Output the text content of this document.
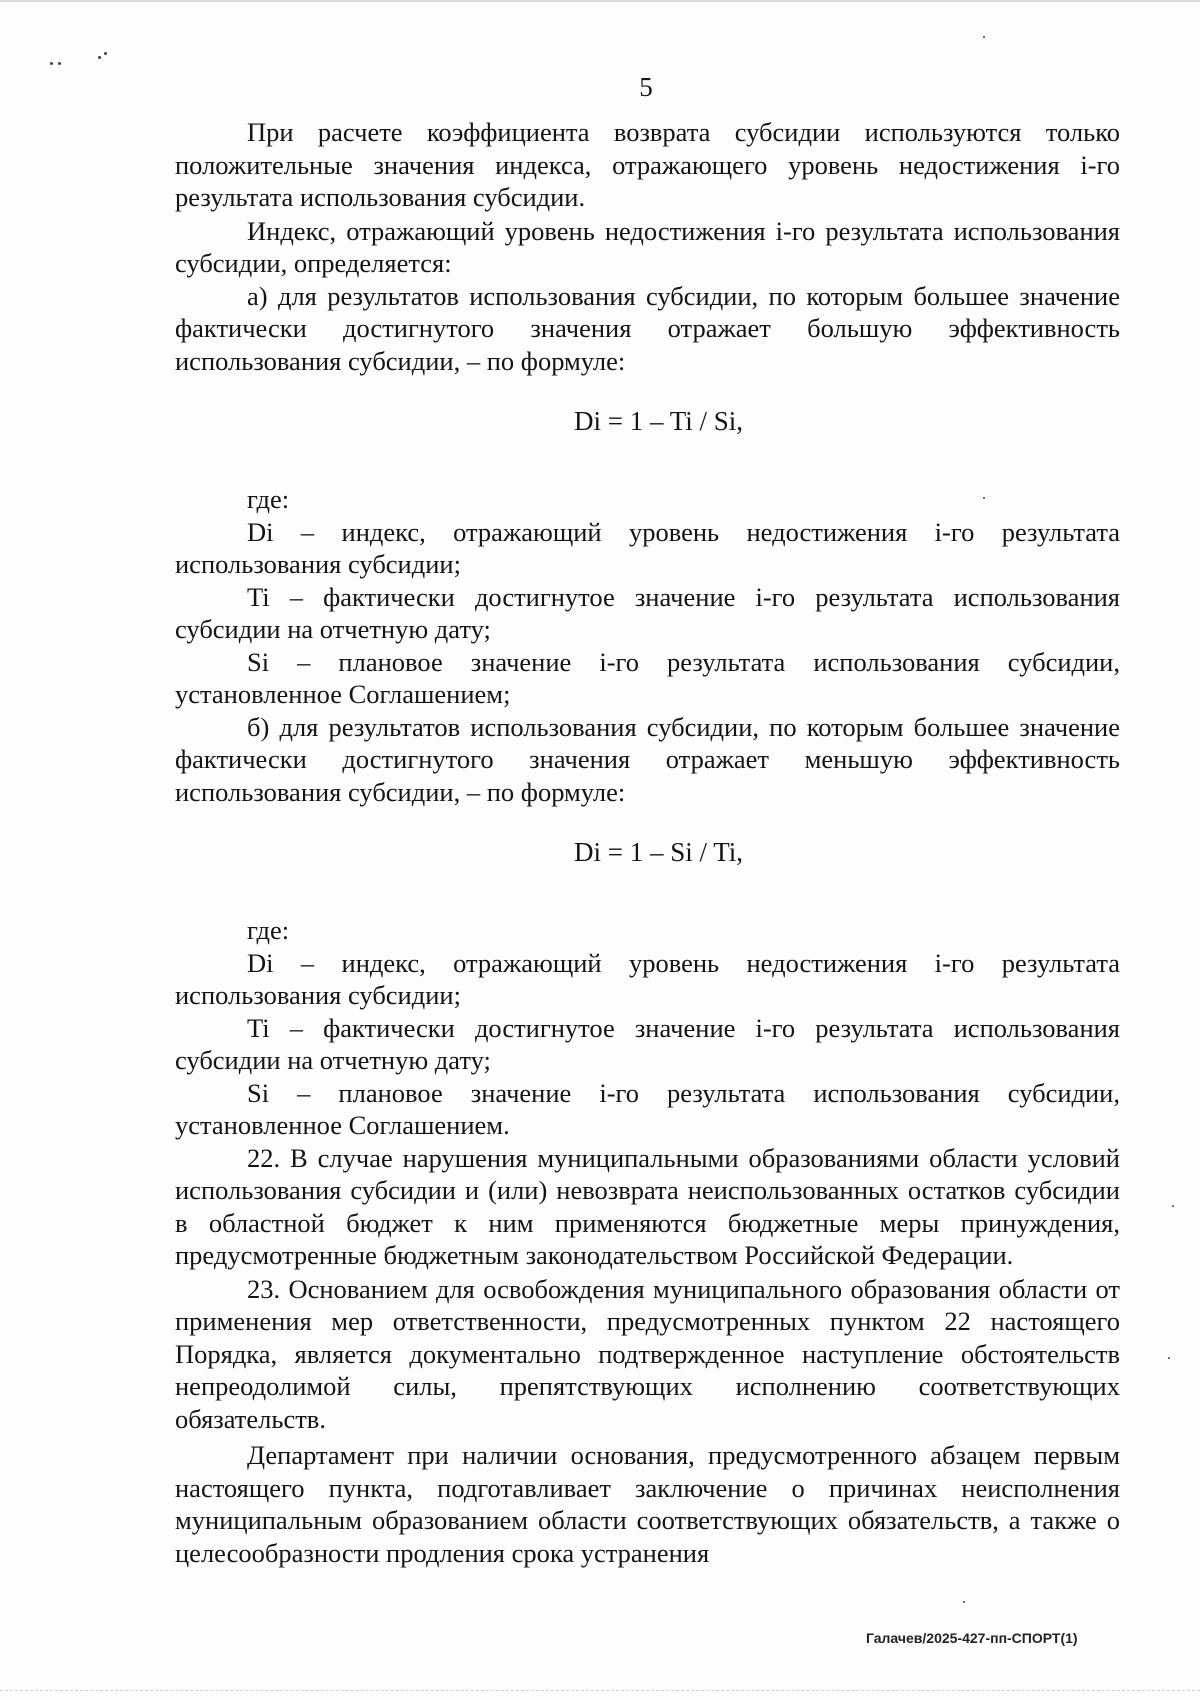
5

При расчете коэффициента возврата субсидии используются только положительные значения индекса, отражающего уровень недостижения i-го результата использования субсидии.

Индекс, отражающий уровень недостижения i-го результата использования субсидии, определяется:

а) для результатов использования субсидии, по которым большее значение фактически достигнутого значения отражает большую эффективность использования субсидии, – по формуле:

Di = 1 – Ti / Si,

где:

Di – индекс, отражающий уровень недостижения i-го результата использования субсидии;

Ti – фактически достигнутое значение i-го результата использования субсидии на отчетную дату;

Si – плановое значение i-го результата использования субсидии, установленное Соглашением;

б) для результатов использования субсидии, по которым большее значение фактически достигнутого значения отражает меньшую эффективность использования субсидии, – по формуле:

Di = 1 – Si / Ti,

где:

Di – индекс, отражающий уровень недостижения i-го результата использования субсидии;

Ti – фактически достигнутое значение i-го результата использования субсидии на отчетную дату;

Si – плановое значение i-го результата использования субсидии, установленное Соглашением.

22. В случае нарушения муниципальными образованиями области условий использования субсидии и (или) невозврата неиспользованных остатков субсидии в областной бюджет к ним применяются бюджетные меры принуждения, предусмотренные бюджетным законодательством Российской Федерации.

23. Основанием для освобождения муниципального образования области от применения мер ответственности, предусмотренных пунктом 22 настоящего Порядка, является документально подтвержденное наступление обстоятельств непреодолимой силы, препятствующих исполнению соответствующих обязательств.

Департамент при наличии основания, предусмотренного абзацем первым настоящего пункта, подготавливает заключение о причинах неисполнения муниципальным образованием области соответствующих обязательств, а также о целесообразности продления срока устранения

Галачев/2025-427-пп-СПОРТ(1)
